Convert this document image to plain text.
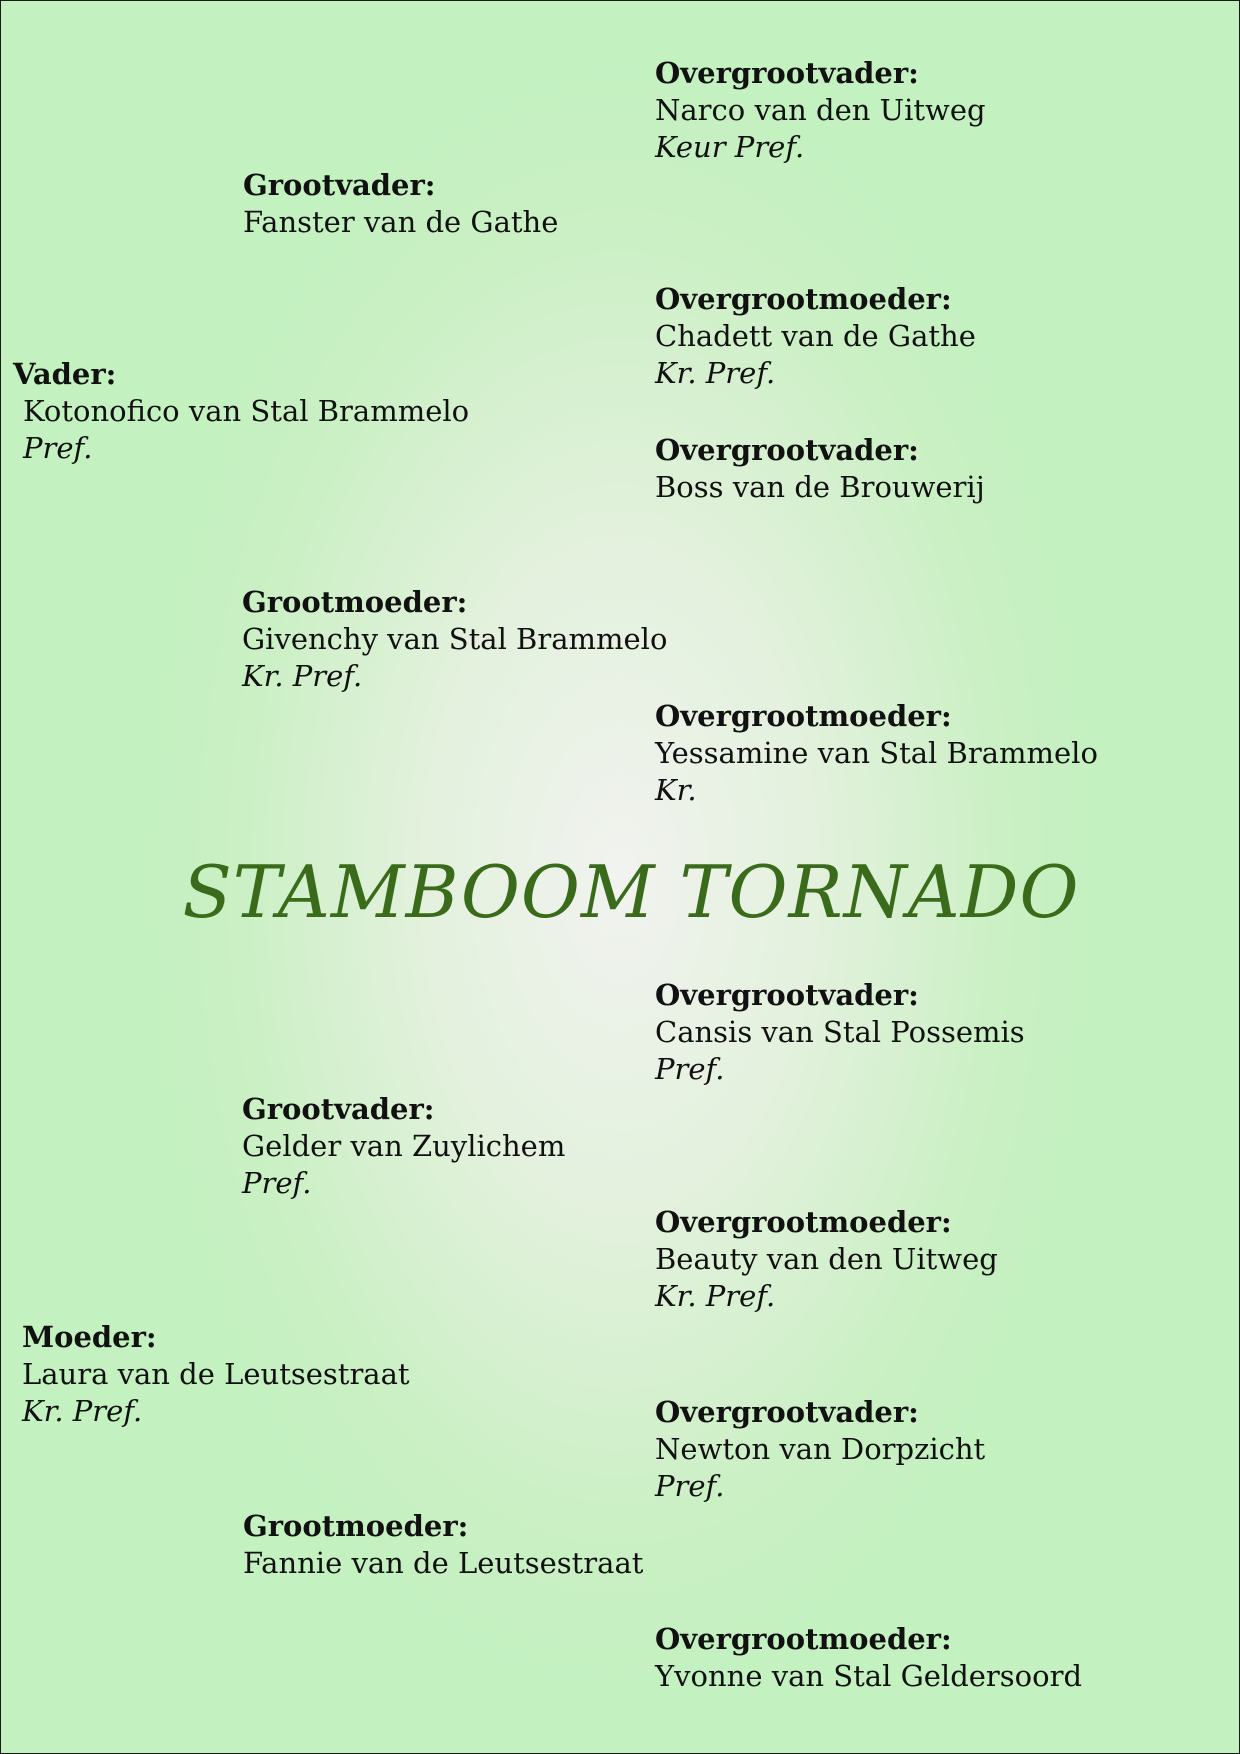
Overgrootvader:
Narco van den Uitweg
Keur Pref.
Grootvader:
Fanster van de Gathe
Overgrootmoeder:
Chadett van de Gathe
Kr. Pref.
Vader:
Kotonofico van Stal Brammelo
Pref.	Overgrootvader:
Boss van de Brouwerij
Grootmoeder:
Givenchy van Stal Brammelo
Kr. Pref.
Overgrootmoeder:
Yessamine van Stal Brammelo
Kr.
STAMBOOM TORNADO
Overgrootvader:
Cansis van Stal Possemis
Pref.
Grootvader:
Gelder van Zuylichem
Pref.
Overgrootmoeder:
Beauty van den Uitweg
Kr. Pref.
Moeder:
Laura van de Leutsestraat
Kr. Pref.	Overgrootvader:
Newton van Dorpzicht
Pref.
Grootmoeder:
Fannie van de Leutsestraat
Overgrootmoeder:
Yvonne van Stal Geldersoord
